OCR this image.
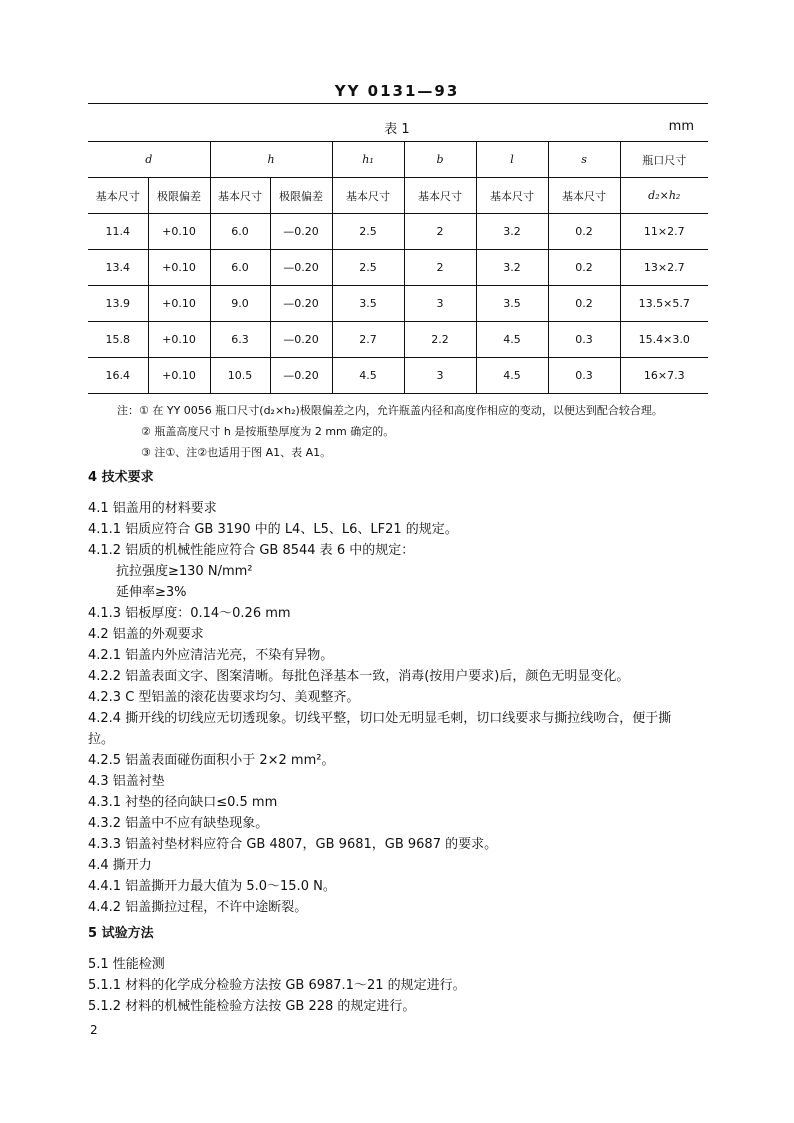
YY 0131—93
表 1	mm
d		h		h₁	b	l	s	瓶口尺寸
基本尺寸	极限偏差	基本尺寸	极限偏差	基本尺寸	基本尺寸	基本尺寸	基本尺寸	d₂×h₂
11.4	+0.10	6.0	—0.20	2.5	2	3.2	0.2	11×2.7
13.4	+0.10	6.0	—0.20	2.5	2	3.2	0.2	13×2.7
13.9	+0.10	9.0	—0.20	3.5	3	3.5	0.2	13.5×5.7
15.8	+0.10	6.3	—0.20	2.7	2.2	4.5	0.3	15.4×3.0
16.4	+0.10	10.5	—0.20	4.5	3	4.5	0.3	16×7.3
注：① 在 YY 0056 瓶口尺寸(d₂×h₂)极限偏差之内，允许瓶盖内径和高度作相应的变动，以便达到配合较合理。
② 瓶盖高度尺寸 h 是按瓶垫厚度为 2 mm 确定的。
③ 注①、注②也适用于图 A1、表 A1。
4 技术要求
4.1 铝盖用的材料要求
4.1.1 铝质应符合 GB 3190 中的 L4、L5、L6、LF21 的规定。
4.1.2 铝质的机械性能应符合 GB 8544 表 6 中的规定：
抗拉强度≥130 N/mm²
延伸率≥3%
4.1.3 铝板厚度：0.14～0.26 mm
4.2 铝盖的外观要求
4.2.1 铝盖内外应清洁光亮，不染有异物。
4.2.2 铝盖表面文字、图案清晰。每批色泽基本一致，消毒(按用户要求)后，颜色无明显变化。
4.2.3 C 型铝盖的滚花齿要求均匀、美观整齐。
4.2.4 撕开线的切线应无切透现象。切线平整，切口处无明显毛刺，切口线要求与撕拉线吻合，便于撕
拉。
4.2.5 铝盖表面碰伤面积小于 2×2 mm²。
4.3 铝盖衬垫
4.3.1 衬垫的径向缺口≤0.5 mm
4.3.2 铝盖中不应有缺垫现象。
4.3.3 铝盖衬垫材料应符合 GB 4807，GB 9681，GB 9687 的要求。
4.4 撕开力
4.4.1 铝盖撕开力最大值为 5.0～15.0 N。
4.4.2 铝盖撕拉过程，不许中途断裂。
5 试验方法
5.1 性能检测
5.1.1 材料的化学成分检验方法按 GB 6987.1～21 的规定进行。
5.1.2 材料的机械性能检验方法按 GB 228 的规定进行。
2
